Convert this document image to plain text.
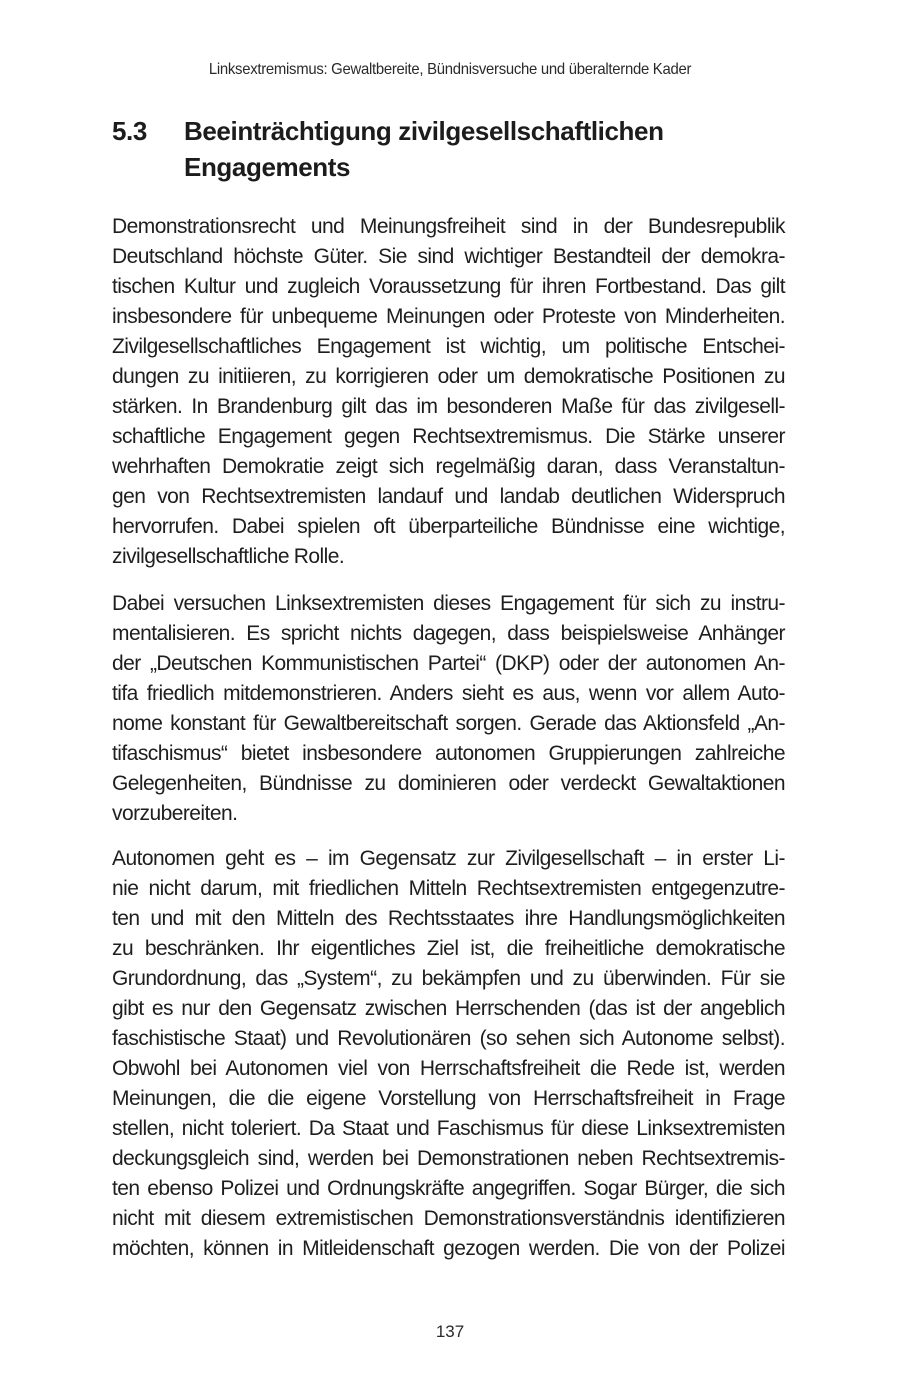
Linksextremismus: Gewaltbereite, Bündnisversuche und überalternde Kader
5.3 Beeinträchtigung zivilgesellschaftlichen
Engagements
Demonstrationsrecht und Meinungsfreiheit sind in der Bundesrepublik
Deutschland höchste Güter. Sie sind wichtiger Bestandteil der demokra-
tischen Kultur und zugleich Voraussetzung für ihren Fortbestand. Das gilt
insbesondere für unbequeme Meinungen oder Proteste von Minderheiten.
Zivilgesellschaftliches Engagement ist wichtig, um politische Entschei-
dungen zu initiieren, zu korrigieren oder um demokratische Positionen zu
stärken. In Brandenburg gilt das im besonderen Maße für das zivilgesell-
schaftliche Engagement gegen Rechtsextremismus. Die Stärke unserer
wehrhaften Demokratie zeigt sich regelmäßig daran, dass Veranstaltun-
gen von Rechtsextremisten landauf und landab deutlichen Widerspruch
hervorrufen. Dabei spielen oft überparteiliche Bündnisse eine wichtige,
zivilgesellschaftliche Rolle.
Dabei versuchen Linksextremisten dieses Engagement für sich zu instru-
mentalisieren. Es spricht nichts dagegen, dass beispielsweise Anhänger
der „Deutschen Kommunistischen Partei“ (DKP) oder der autonomen An-
tifa friedlich mitdemonstrieren. Anders sieht es aus, wenn vor allem Auto-
nome konstant für Gewaltbereitschaft sorgen. Gerade das Aktionsfeld „An-
tifaschismus“ bietet insbesondere autonomen Gruppierungen zahlreiche
Gelegenheiten, Bündnisse zu dominieren oder verdeckt Gewaltaktionen
vorzubereiten.
Autonomen geht es – im Gegensatz zur Zivilgesellschaft – in erster Li-
nie nicht darum, mit friedlichen Mitteln Rechtsextremisten entgegenzutre-
ten und mit den Mitteln des Rechtsstaates ihre Handlungsmöglichkeiten
zu beschränken. Ihr eigentliches Ziel ist, die freiheitliche demokratische
Grundordnung, das „System“, zu bekämpfen und zu überwinden. Für sie
gibt es nur den Gegensatz zwischen Herrschenden (das ist der angeblich
faschistische Staat) und Revolutionären (so sehen sich Autonome selbst).
Obwohl bei Autonomen viel von Herrschaftsfreiheit die Rede ist, werden
Meinungen, die die eigene Vorstellung von Herrschaftsfreiheit in Frage
stellen, nicht toleriert. Da Staat und Faschismus für diese Linksextremisten
deckungsgleich sind, werden bei Demonstrationen neben Rechtsextremis-
ten ebenso Polizei und Ordnungskräfte angegriffen. Sogar Bürger, die sich
nicht mit diesem extremistischen Demonstrationsverständnis identifizieren
möchten, können in Mitleidenschaft gezogen werden. Die von der Polizei
137
